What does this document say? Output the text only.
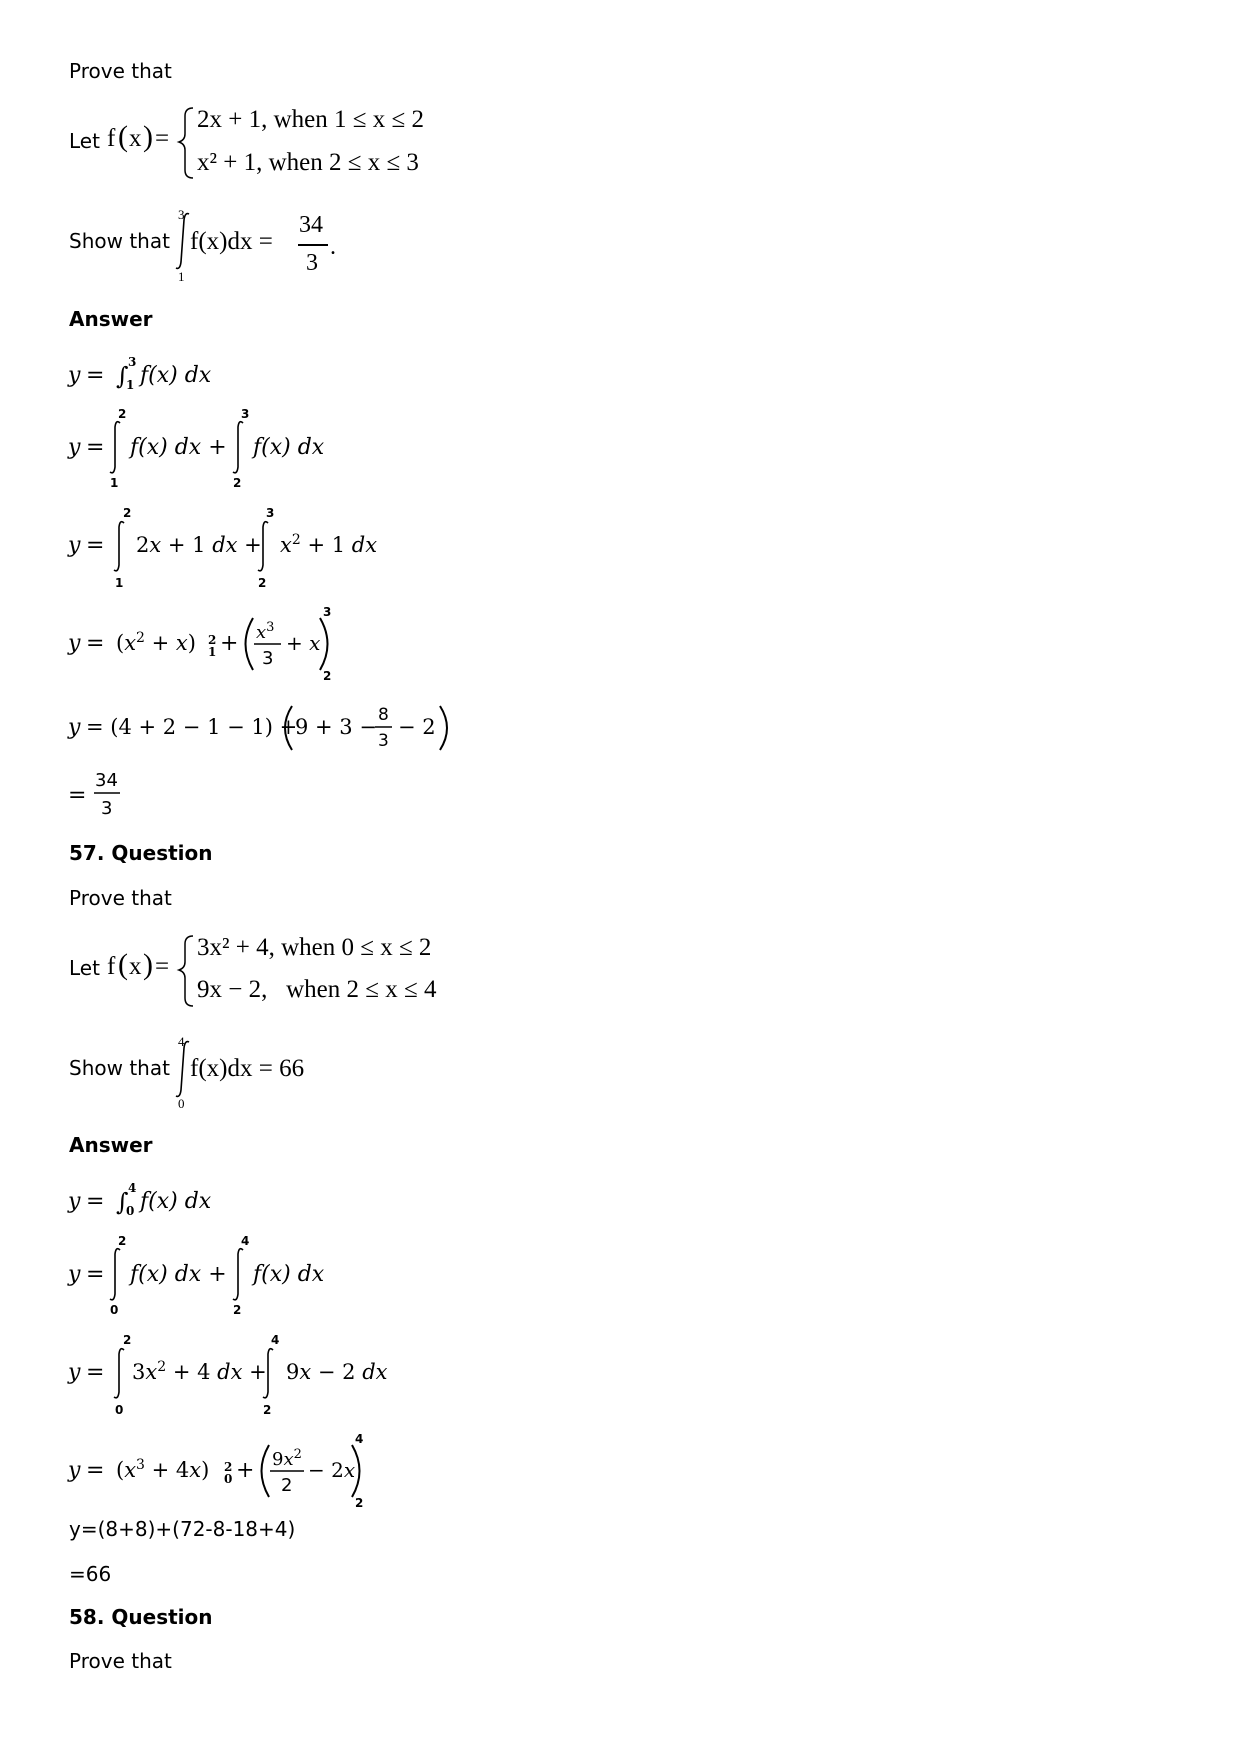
Prove that
Let f ( x ) =
2x + 1, when 1 ≤ x ≤ 2
x² + 1, when 2 ≤ x ≤ 3
Show that
3
1
f(x)dx =
34
3
.
Answer
y = ∫ 3
1 f(x) dx
y =
2
1
f(x) dx +
3
2
f(x) dx
y =
2
1
2x + 1 dx +
3
2
$x^2 + 1$ dx
$y = (x^2 + x)$ 2
$1 + x^3$
3
+ x
3
2
y = (4 + 2 − 1 − 1) +
9 + 3 − 8
3
− 2
=
34
3
57. Question
Prove that
Let f ( x ) =
3x² + 4, when 0 ≤ x ≤ 2
9x − 2,   when 2 ≤ x ≤ 4
Show that
4
0
f(x)dx = 66
Answer
y = ∫ 4
0 f(x) dx
y =
2
0
f(x) dx +
4
2
f(x) dx
y =
2
0
$3x^2 + 4$ dx +
4
2
9x − 2 dx
$y = (x^3 + 4x)$ 2
$0 + 9x^2$
2
− 2x
4
2
y=(8+8)+(72-8-18+4)
=66
58. Question
Prove that
